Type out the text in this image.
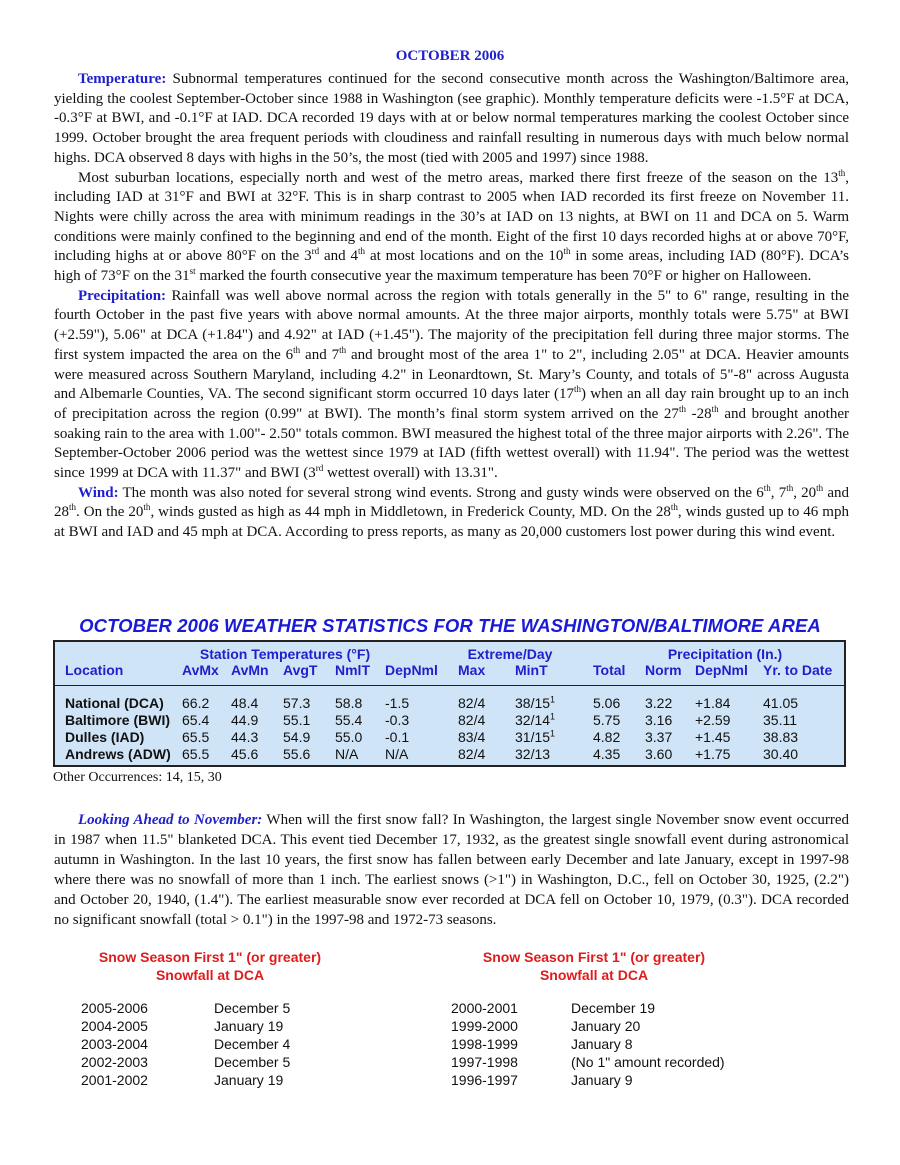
OCTOBER 2006

Temperature: Subnormal temperatures continued for the second consecutive month across the Washington/Baltimore area, yielding the coolest September-October since 1988 in Washington (see graphic). Monthly temperature deficits were -1.5°F at DCA, -0.3°F at BWI, and -0.1°F at IAD. DCA recorded 19 days with at or below normal temperatures marking the coolest October since 1999. October brought the area frequent periods with cloudiness and rainfall resulting in numerous days with much below normal highs. DCA observed 8 days with highs in the 50’s, the most (tied with 2005 and 1997) since 1988.

Most suburban locations, especially north and west of the metro areas, marked there first freeze of the season on the 13th, including IAD at 31°F and BWI at 32°F. This is in sharp contrast to 2005 when IAD recorded its first freeze on November 11. Nights were chilly across the area with minimum readings in the 30’s at IAD on 13 nights, at BWI on 11 and DCA on 5. Warm conditions were mainly confined to the beginning and end of the month. Eight of the first 10 days recorded highs at or above 70°F, including highs at or above 80°F on the 3rd and 4th at most locations and on the 10th in some areas, including IAD (80°F). DCA’s high of 73°F on the 31st marked the fourth consecutive year the maximum temperature has been 70°F or higher on Halloween.

Precipitation: Rainfall was well above normal across the region with totals generally in the 5" to 6" range, resulting in the fourth October in the past five years with above normal amounts. At the three major airports, monthly totals were 5.75" at BWI (+2.59"), 5.06" at DCA (+1.84") and 4.92" at IAD (+1.45"). The majority of the precipitation fell during three major storms. The first system impacted the area on the 6th and 7th and brought most of the area 1" to 2", including 2.05" at DCA. Heavier amounts were measured across Southern Maryland, including 4.2" in Leonardtown, St. Mary’s County, and totals of 5"-8" across Augusta and Albemarle Counties, VA. The second significant storm occurred 10 days later (17th) when an all day rain brought up to an inch of precipitation across the region (0.99" at BWI). The month’s final storm system arrived on the 27th -28th and brought another soaking rain to the area with 1.00"- 2.50" totals common. BWI measured the highest total of the three major airports with 2.26". The September-October 2006 period was the wettest since 1979 at IAD (fifth wettest overall) with 11.94". The period was the wettest since 1999 at DCA with 11.37" and BWI (3rd wettest overall) with 13.31".

Wind: The month was also noted for several strong wind events. Strong and gusty winds were observed on the 6th, 7th, 20th and 28th. On the 20th, winds gusted as high as 44 mph in Middletown, in Frederick County, MD. On the 28th, winds gusted up to 46 mph at BWI and IAD and 45 mph at DCA. According to press reports, as many as 20,000 customers lost power during this wind event.

OCTOBER 2006 WEATHER STATISTICS FOR THE WASHINGTON/BALTIMORE AREA
Station Temperatures (°F)	Extreme/Day	Precipitation (In.)
Location	AvMx AvMn AvgT NmlT DepNml Max MinT	Total Norm DepNml Yr. to Date
National (DCA) 66.2 48.4 57.3 58.8 -1.5	82/4 $38/15^1$	5.06 3.22 +1.84 41.05
Baltimore (BWI) 65.4 44.9 55.1 55.4 -0.3	82/4 $32/14^1$	5.75 3.16 +2.59 35.11
Dulles (IAD)	65.5 44.3 54.9 55.0 -0.1	83/4 $31/15^1$	4.82 3.37 +1.45 38.83
Andrews (ADW) 65.5 45.6 55.6 N/A N/A	82/4 32/13	4.35 3.60 +1.75 30.40
Other Occurrences: 14, 15, 30

Looking Ahead to November: When will the first snow fall? In Washington, the largest single November snow event occurred in 1987 when 11.5" blanketed DCA. This event tied December 17, 1932, as the greatest single snowfall event during astronomical autumn in Washington. In the last 10 years, the first snow has fallen between early December and late January, except in 1997-98 where there was no snowfall of more than 1 inch. The earliest snows (>1") in Washington, D.C., fell on October 30, 1925, (2.2") and October 20, 1940, (1.4"). The earliest measurable snow ever recorded at DCA fell on October 10, 1979, (0.3"). DCA recorded no significant snowfall (total > 0.1") in the 1997-98 and 1972-73 seasons.

Snow Season First 1" (or greater)
Snowfall at DCA
Snow Season First 1" (or greater)
Snowfall at DCA
2005-2006	December 5
2004-2005	January 19
2003-2004	December 4
2002-2003	December 5
2001-2002	January 19
2000-2001	December 19
1999-2000	January 20
1998-1999	January 8
1997-1998	(No 1" amount recorded)
1996-1997	January 9
